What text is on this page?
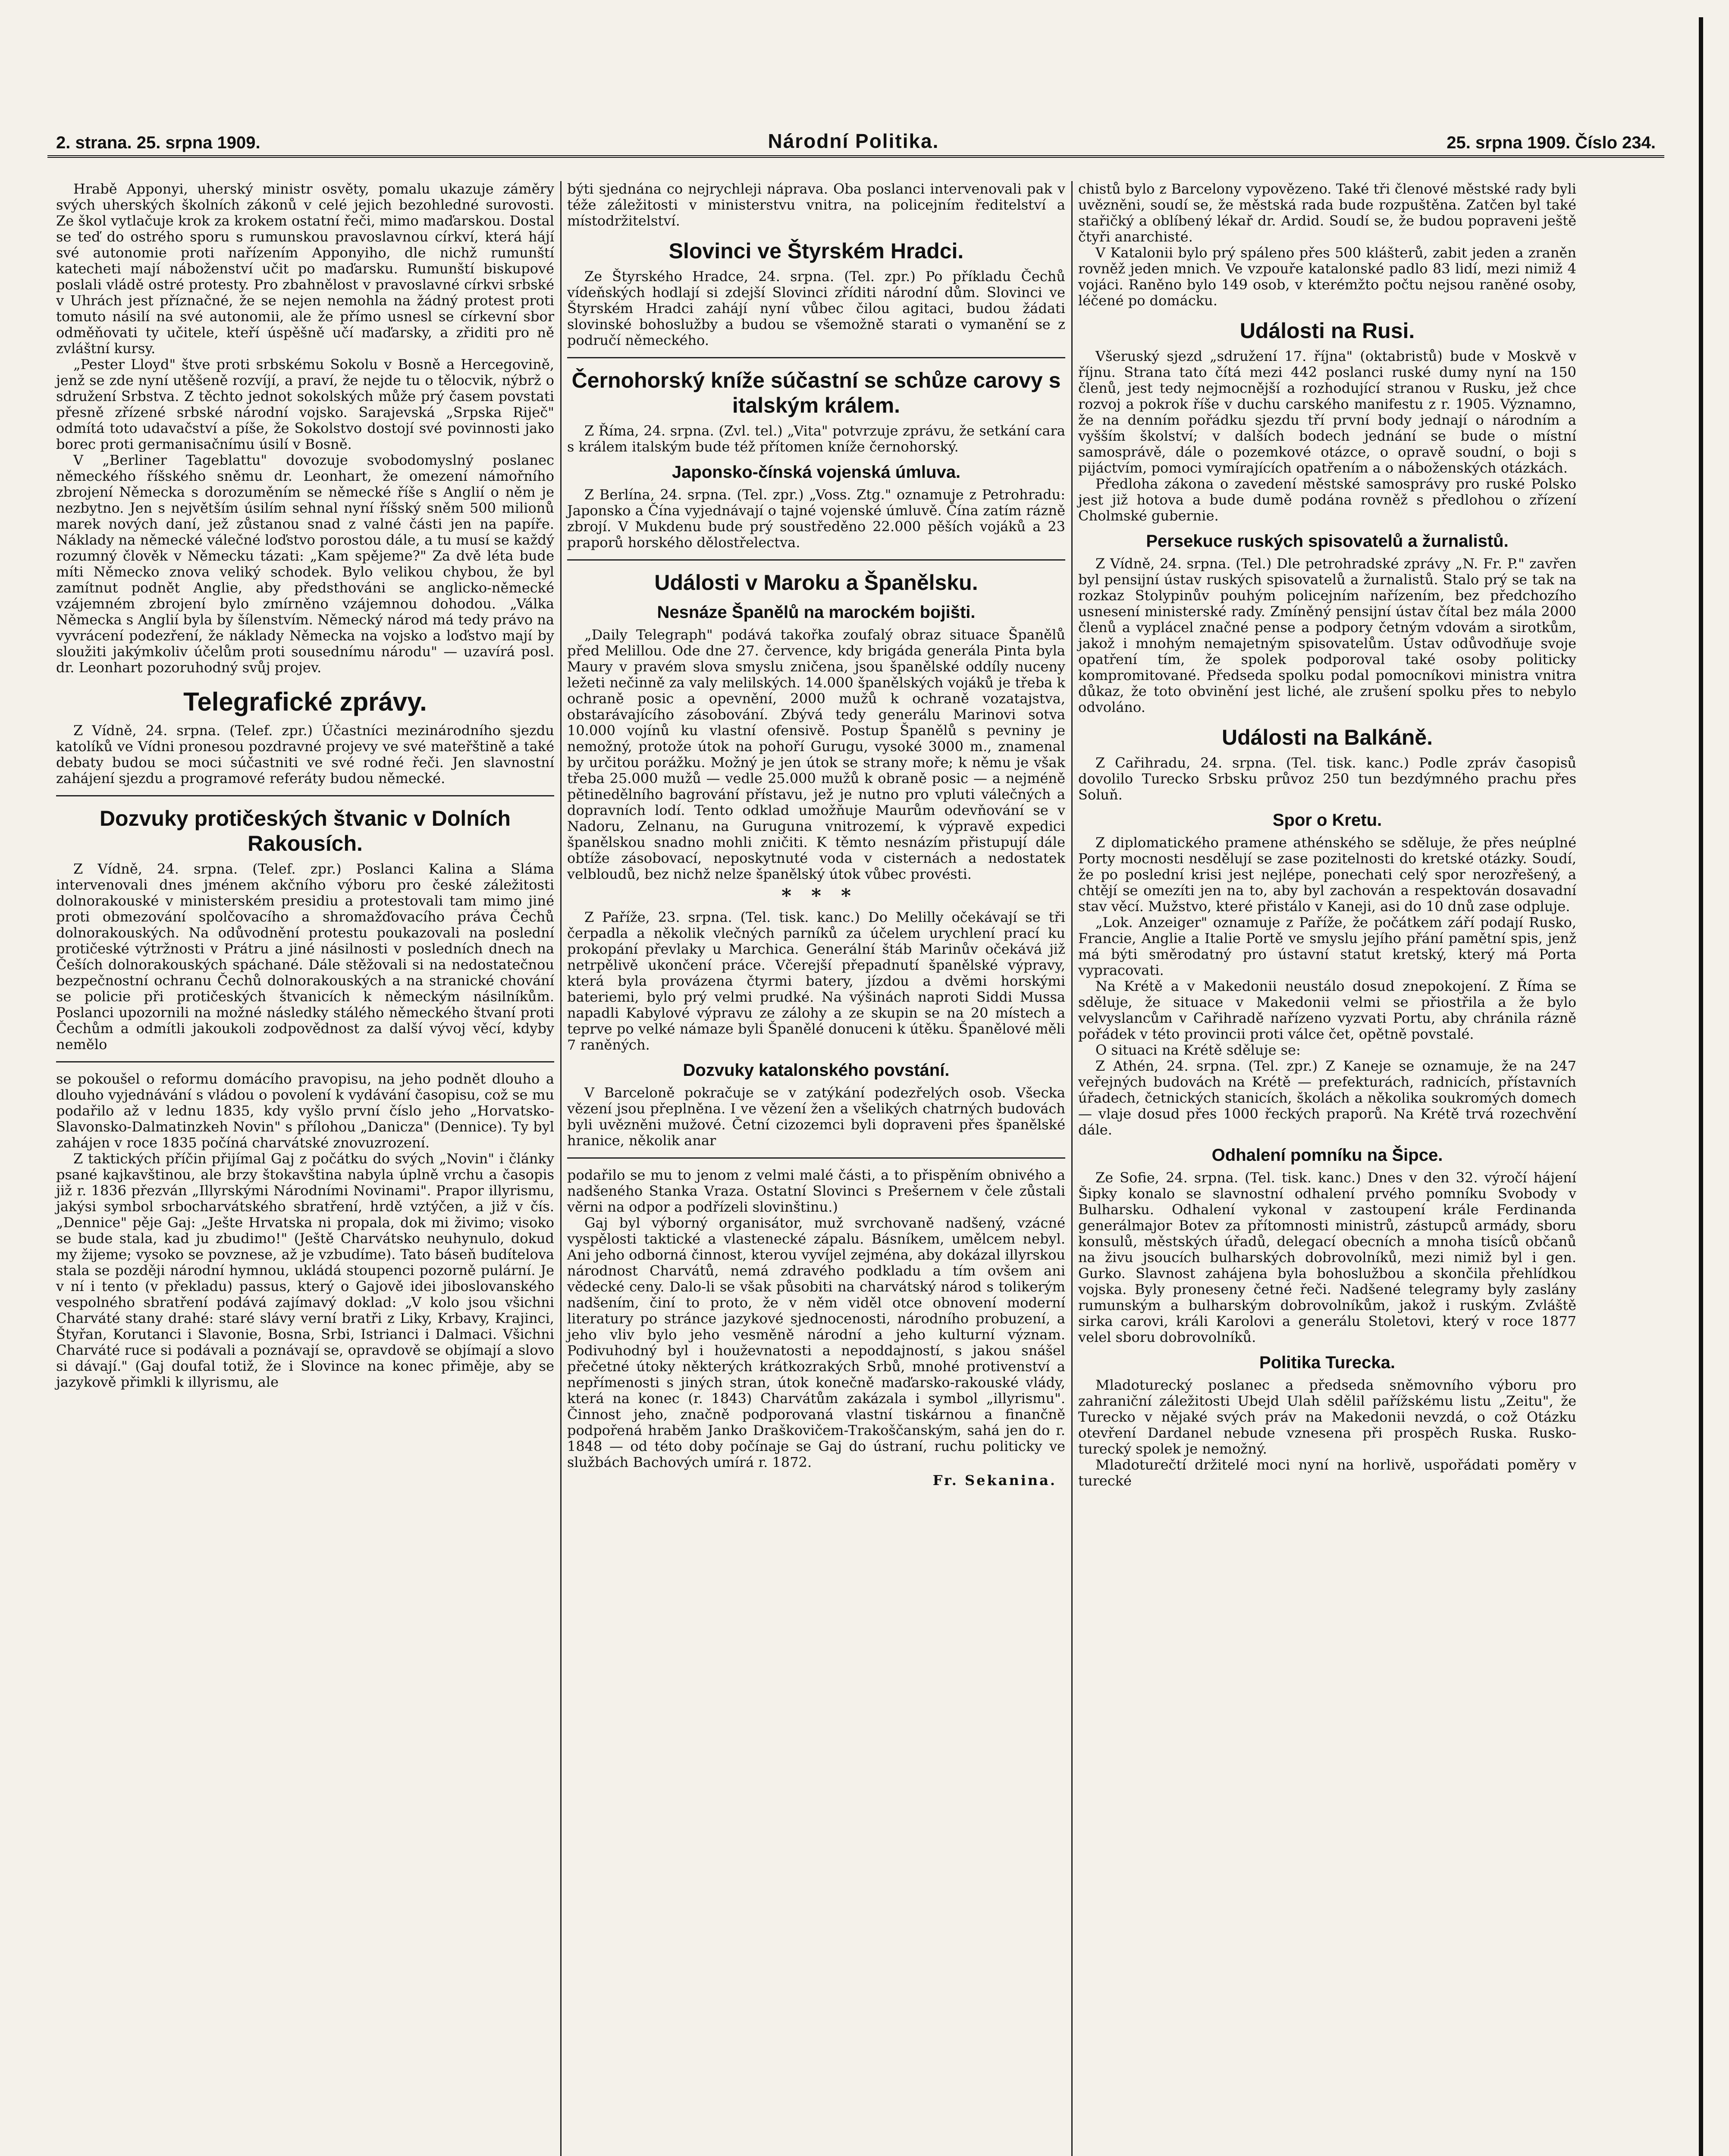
2. strana. 25. srpna 1909.	Národní Politika.	25. srpna 1909. Číslo 234.

Hrabě Apponyi, uherský ministr osvěty, pomalu ukazuje záměry svých uherských školních zákonů v celé jejich bezohledné surovosti. Ze škol vytlačuje krok za krokem ostatní řeči, mimo maďarskou. Dostal se teď do ostrého sporu s rumunskou pravoslavnou církví, která hájí své autonomie proti nařízením Apponyiho, dle nichž rumunští katecheti mají náboženství učit po maďarsku. Rumunští biskupové poslali vládě ostré protesty. Pro zbahnělost v pravoslavné církvi srbské v Uhrách jest příznačné, že se nejen nemohla na žádný protest proti tomuto násilí na své autonomii, ale že přímo usnesl se církevní sbor odměňovati ty učitele, kteří úspěšně učí maďarsky, a zřiditi pro ně zvláštní kursy.

„Pester Lloyd" štve proti srbskému Sokolu v Bosně a Hercegovině, jenž se zde nyní utěšeně rozvíjí, a praví, že nejde tu o tělocvik, nýbrž o sdružení Srbstva. Z těchto jednot sokolských může prý časem povstati přesně zřízené srbské národní vojsko. Sarajevská „Srpska Riječ" odmítá toto udavačství a píše, že Sokolstvo dostojí své povinnosti jako borec proti germanisačnímu úsilí v Bosně.

V „Berliner Tageblattu" dovozuje svobodomyslný poslanec německého říšského sněmu dr. Leonhart, že omezení námořního zbrojení Německa s dorozuměním se německé říše s Anglií o něm je nezbytno. Jen s největším úsilím sehnal nyní říšský sněm 500 milionů marek nových daní, jež zůstanou snad z valné části jen na papíře. Náklady na německé válečné loďstvo porostou dále, a tu musí se každý rozumný člověk v Německu tázati: „Kam spějeme?" Za dvě léta bude míti Německo znova veliký schodek. Bylo velikou chybou, že byl zamítnut podnět Anglie, aby předsthováni se anglicko-německé vzájemném zbrojení bylo zmírněno vzájemnou dohodou. „Válka Německa s Anglií byla by šílenstvím. Německý národ má tedy právo na vyvrácení podezření, že náklady Německa na vojsko a loďstvo mají by sloužiti jakýmkoliv účelům proti sousednímu národu" — uzavírá posl. dr. Leonhart pozoruhodný svůj projev.

Telegrafické zprávy.

Z Vídně, 24. srpna. (Telef. zpr.) Účastníci mezinárodního sjezdu katolíků ve Vídni pronesou pozdravné projevy ve své mateřštině a také debaty budou se moci súčastniti ve své rodné řeči. Jen slavnostní zahájení sjezdu a programové referáty budou německé.

Dozvuky protičeských štvanic v Dolních Rakousích.

Z Vídně, 24. srpna. (Telef. zpr.) Poslanci Kalina a Sláma intervenovali dnes jménem akčního výboru pro české záležitosti dolnorakouské v ministerském presidiu a protestovali tam mimo jiné proti obmezování spolčovacího a shromažďovacího práva Čechů dolnorakouských. Na odůvodnění protestu poukazovali na poslední protičeské výtržnosti v Prátru a jiné násilnosti v posledních dnech na Češích dolnorakouských spáchané. Dále stěžovali si na nedostatečnou bezpečnostní ochranu Čechů dolnorakouských a na stranické chování se policie při protičeských štvanicích k německým násilníkům. Poslanci upozornili na možné následky stálého německého štvaní proti Čechům a odmítli jakoukoli zodpovědnost za další vývoj věcí, kdyby nemělo

se pokoušel o reformu domácího pravopisu, na jeho podnět dlouho a dlouho vyjednávání s vládou o povolení k vydávání časopisu, což se mu podařilo až v lednu 1835, kdy vyšlo první číslo jeho „Horvatsko-Slavonsko-Dalmatinzkeh Novin" s přílohou „Danicza" (Dennice). Ty byl zahájen v roce 1835 počíná charvátské znovuzrození.

Z taktických příčin přijímal Gaj z počátku do svých „Novin" i články psané kajkavštinou, ale brzy štokavština nabyla úplně vrchu a časopis již r. 1836 přezván „Illyrskými Národními Novinami". Prapor illyrismu, jakýsi symbol srbocharvátského sbratření, hrdě vztýčen, a již v čís. „Dennice" pěje Gaj: „Ješte Hrvatska ni propala, dok mi živimo; visoko se bude stala, kad ju zbudimo!" (Ještě Charvátsko neuhynulo, dokud my žijeme; vysoko se povznese, až je vzbudíme). Tato báseň budítelova stala se později národní hymnou, ukládá stoupenci pozorně pulární. Je v ní i tento (v překladu) passus, který o Gajově idei jiboslovanského vespolného sbratření podává zajímavý doklad: „V kolo jsou všichni Charváté stany drahé: staré slávy verní bratři z Liky, Krbavy, Krajinci, Štyřan, Korutanci i Slavonie, Bosna, Srbi, Istrianci i Dalmaci. Všichni Charváté ruce si podávali a poznávají se, opravdově se objímají a slovo si dávají." (Gaj doufal totiž, že i Slovince na konec přiměje, aby se jazykově přimkli k illyrismu, ale

býti sjednána co nejrychleji náprava. Oba poslanci intervenovali pak v téže záležitosti v ministerstvu vnitra, na policejním ředitelství a místodržitelství.

Slovinci ve Štyrském Hradci.

Ze Štyrského Hradce, 24. srpna. (Tel. zpr.) Po příkladu Čechů vídeňských hodlají si zdejší Slovinci zříditi národní dům. Slovinci ve Štyrském Hradci zahájí nyní vůbec čilou agitaci, budou žádati slovinské bohoslužby a budou se všemožně starati o vymanění se z područí německého.

Černohorský kníže súčastní se schůze carovy s italským králem.

Z Říma, 24. srpna. (Zvl. tel.) „Vita" potvrzuje zprávu, že setkání cara s králem italským bude též přítomen kníže černohorský.

Japonsko-čínská vojenská úmluva.

Z Berlína, 24. srpna. (Tel. zpr.) „Voss. Ztg." oznamuje z Petrohradu: Japonsko a Čína vyjednávají o tajné vojenské úmluvě. Čína zatím rázně zbrojí. V Mukdenu bude prý soustředěno 22.000 pěších vojáků a 23 praporů horského dělostřelectva.

Události v Maroku a Španělsku.
Nesnáze Španělů na marockém bojišti.

„Daily Telegraph" podává takořka zoufalý obraz situace Španělů před Melillou. Ode dne 27. července, kdy brigáda generála Pinta byla Maury v pravém slova smyslu zničena, jsou španělské oddíly nuceny ležeti nečinně za valy melilských. 14.000 španělských vojáků je třeba k ochraně posic a opevnění, 2000 mužů k ochraně vozatajstva, obstarávajícího zásobování. Zbývá tedy generálu Marinovi sotva 10.000 vojínů ku vlastní ofensivě. Postup Španělů s pevniny je nemožný, protože útok na pohoří Gurugu, vysoké 3000 m., znamenal by určitou porážku. Možný je jen útok se strany moře; k němu je však třeba 25.000 mužů — vedle 25.000 mužů k obraně posic — a nejméně pětinedělního bagrování přístavu, jež je nutno pro vpluti válečných a dopravních lodí. Tento odklad umožňuje Maurům odevňování se v Nadoru, Zelnanu, na Guruguna vnitrozemí, k výpravě expedici španělskou snadno mohli zničiti. K těmto nesnázím přistupují dále obtíže zásobovací, neposkytnuté voda v cisternách a nedostatek velbloudů, bez nichž nelze španělský útok vůbec provésti.

*   *   *

Z Paříže, 23. srpna. (Tel. tisk. kanc.) Do Melilly očekávají se tři čerpadla a několik vlečných parníků za účelem urychlení prací ku prokopání převlaky u Marchica. Generální štáb Marinův očekává již netrpělivě ukončení práce. Včerejší přepadnutí španělské výpravy, která byla provázena čtyrmi batery, jízdou a dvěmi horskými bateriemi, bylo prý velmi prudké. Na výšinách naproti Siddi Mussa napadli Kabylové výpravu ze zálohy a ze skupin se na 20 místech a teprve po velké námaze byli Španělé donuceni k útěku. Španělové měli 7 raněných.

Dozvuky katalonského povstání.

V Barceloně pokračuje se v zatýkání podezřelých osob. Všecka vězení jsou přeplněna. I ve vězení žen a všelikých chatrných budovách byli uvězněni mužové. Četní cizozemci byli dopraveni přes španělské hranice, několik anar

podařilo se mu to jenom z velmi malé části, a to přispěním obnivého a nadšeného Stanka Vraza. Ostatní Slovinci s Prešernem v čele zůstali věrni na odpor a podřízeli slovinštinu.)

Gaj byl výborný organisátor, muž svrchovaně nadšený, vzácné vyspělosti taktické a vlastenecké zápalu. Básníkem, umělcem nebyl. Ani jeho odborná činnost, kterou vyvíjel zejména, aby dokázal illyrskou národnost Charvátů, nemá zdravého podkladu a tím ovšem ani vědecké ceny. Dalo-li se však působiti na charvátský národ s tolikerým nadšením, činí to proto, že v něm viděl otce obnovení moderní literatury po stránce jazykové sjednocenosti, národního probuzení, a jeho vliv bylo jeho vesměně národní a jeho kulturní význam. Podivuhodný byl i houževnatosti a nepoddajností, s jakou snášel přečetné útoky některých krátkozrakých Srbů, mnohé protivenství a nepřímenosti s jiných stran, útok konečně maďarsko-rakouské vlády, která na konec (r. 1843) Charvátům zakázala i symbol „illyrismu". Činnost jeho, značně podporovaná vlastní tiskárnou a finančně podpořená hraběm Janko Draškovičem-Trakoščanským, sahá jen do r. 1848 — od této doby počínaje se Gaj do ústraní, ruchu politicky ve službách Bachových umírá r. 1872.

Fr. Sekanina.

chistů bylo z Barcelony vypovězeno. Také tři členové městské rady byli uvězněni, soudí se, že městská rada bude rozpuštěna. Zatčen byl také stařičký a oblíbený lékař dr. Ardid. Soudí se, že budou popraveni ještě čtyři anarchisté.

V Katalonii bylo prý spáleno přes 500 klášterů, zabit jeden a zraněn rovněž jeden mnich. Ve vzpouře katalonské padlo 83 lidí, mezi nimiž 4 vojáci. Raněno bylo 149 osob, v kterémžto počtu nejsou raněné osoby, léčené po domácku.

Události na Rusi.

Všeruský sjezd „sdružení 17. října" (oktabristů) bude v Moskvě v říjnu. Strana tato čítá mezi 442 poslanci ruské dumy nyní na 150 členů, jest tedy nejmocnější a rozhodující stranou v Rusku, jež chce rozvoj a pokrok říše v duchu carského manifestu z r. 1905. Významno, že na denním pořádku sjezdu tří první body jednají o národním a vyšším školství; v dalších bodech jednání se bude o místní samosprávě, dále o pozemkové otázce, o opravě soudní, o boji s pijáctvím, pomoci vymírajících opatřením a o náboženských otázkách.

Předloha zákona o zavedení městské samosprávy pro ruské Polsko jest již hotova a bude dumě podána rovněž s předlohou o zřízení Cholmské gubernie.

Persekuce ruských spisovatelů a žurnalistů.

Z Vídně, 24. srpna. (Tel.) Dle petrohradské zprávy „N. Fr. P." zavřen byl pensijní ústav ruských spisovatelů a žurnalistů. Stalo prý se tak na rozkaz Stolypinův pouhým policejním nařízením, bez předchozího usnesení ministerské rady. Zmíněný pensijní ústav čítal bez mála 2000 členů a vyplácel značné pense a podpory četným vdovám a sirotkům, jakož i mnohým nemajetným spisovatelům. Ústav odůvodňuje svoje opatření tím, že spolek podporoval také osoby politicky kompromitované. Předseda spolku podal pomocníkovi ministra vnitra důkaz, že toto obvinění jest liché, ale zrušení spolku přes to nebylo odvoláno.

Události na Balkáně.

Z Cařihradu, 24. srpna. (Tel. tisk. kanc.) Podle zpráv časopisů dovolilo Turecko Srbsku průvoz 250 tun bezdýmného prachu přes Soluň.

Spor o Kretu.

Z diplomatického pramene athénského se sděluje, že přes neúplné Porty mocnosti nesdělují se zase pozitelnosti do kretské otázky. Soudí, že po poslední krisi jest nejlépe, ponechati celý spor nerozřešený, a chtějí se omezíti jen na to, aby byl zachován a respektován dosavadní stav věcí. Mužstvo, které přistálo v Kaneji, asi do 10 dnů zase odpluje.

„Lok. Anzeiger" oznamuje z Paříže, že počátkem září podají Rusko, Francie, Anglie a Italie Portě ve smyslu jejího přání pamětní spis, jenž má býti směrodatný pro ústavní statut kretský, který má Porta vypracovati.

Na Krétě a v Makedonii neustálo dosud znepokojení. Z Říma se sděluje, že situace v Makedonii velmi se přiostřila a že bylo velvyslancům v Cařihradě nařízeno vyzvati Portu, aby chránila rázně pořádek v této provincii proti válce čet, opětně povstalé.

O situaci na Krétě sděluje se:

Z Athén, 24. srpna. (Tel. zpr.) Z Kaneje se oznamuje, že na 247 veřejných budovách na Krétě — prefekturách, radnicích, přístavních úřadech, četnických stanicích, školách a několika soukromých domech — vlaje dosud přes 1000 řeckých praporů. Na Krétě trvá rozechvění dále.

Odhalení pomníku na Šipce.

Ze Sofie, 24. srpna. (Tel. tisk. kanc.) Dnes v den 32. výročí hájení Šipky konalo se slavnostní odhalení prvého pomníku Svobody v Bulharsku. Odhalení vykonal v zastoupení krále Ferdinanda generálmajor Botev za přítomnosti ministrů, zástupců armády, sboru konsulů, městských úřadů, delegací obecních a mnoha tisíců občanů na živu jsoucích bulharských dobrovolníků, mezi nimiž byl i gen. Gurko. Slavnost zahájena byla bohoslužbou a skončila přehlídkou vojska. Byly proneseny četné řeči. Nadšené telegramy byly zaslány rumunským a bulharským dobrovolníkům, jakož i ruským. Zvláště sirka carovi, králi Karolovi a generálu Stoletovi, který v roce 1877 velel sboru dobrovolníků.

Politika Turecka.

Mladoturecký poslanec a předseda sněmovního výboru pro zahraniční záležitosti Ubejd Ulah sdělil pařížskému listu „Zeitu", že Turecko v nějaké svých práv na Makedonii nevzdá, o což Otázku otevření Dardanel nebude vznesena při prospěch Ruska. Rusko-turecký spolek je nemožný.

Mladoturečtí držitelé moci nyní na horlivě, uspořádati poměry v turecké
